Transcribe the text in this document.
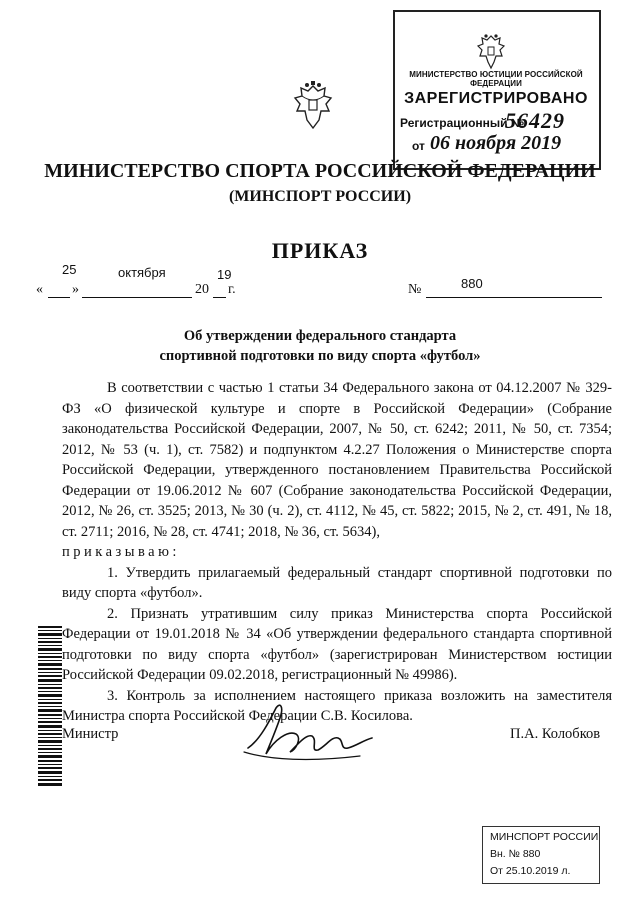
МИНИСТЕРСТВО ЮСТИЦИИ РОССИЙСКОЙ ФЕДЕРАЦИИ
ЗАРЕГИСТРИРОВАНО
Регистрационный №
56429
от 06 ноября 2019
МИНИСТЕРСТВО СПОРТА РОССИЙСКОЙ ФЕДЕРАЦИИ
(МИНСПОРТ РОССИИ)
ПРИКАЗ
25	октября	19
« »	20 г.	880
№
Об утверждении федерального стандарта
спортивной подготовки по виду спорта «футбол»

В соответствии с частью 1 статьи 34 Федерального закона от 04.12.2007 № 329-ФЗ «О физической культуре и спорте в Российской Федерации» (Собрание законодательства Российской Федерации, 2007, № 50, ст. 6242; 2011, № 50, ст. 7354; 2012, № 53 (ч. 1), ст. 7582) и подпунктом 4.2.27 Положения о Министерстве спорта Российской Федерации, утвержденного постановлением Правительства Российской Федерации от 19.06.2012 № 607 (Собрание законодательства Российской Федерации, 2012, № 26, ст. 3525; 2013, № 30 (ч. 2), ст. 4112, № 45, ст. 5822; 2015, № 2, ст. 491, № 18, ст. 2711; 2016, № 28, ст. 4741; 2018, № 36, ст. 5634),

приказываю:

1. Утвердить прилагаемый федеральный стандарт спортивной подготовки по виду спорта «футбол».

2. Признать утратившим силу приказ Министерства спорта Российской Федерации от 19.01.2018 № 34 «Об утверждении федерального стандарта спортивной подготовки по виду спорта «футбол» (зарегистрирован Министерством юстиции Российской Федерации 09.02.2018, регистрационный № 49986).

3. Контроль за исполнением настоящего приказа возложить на заместителя Министра спорта Российской Федерации С.В. Косилова.

Министр	П.А. Колобков
МИНСПОРТ РОССИИ
Вн. № 880
От 25.10.2019 л.
